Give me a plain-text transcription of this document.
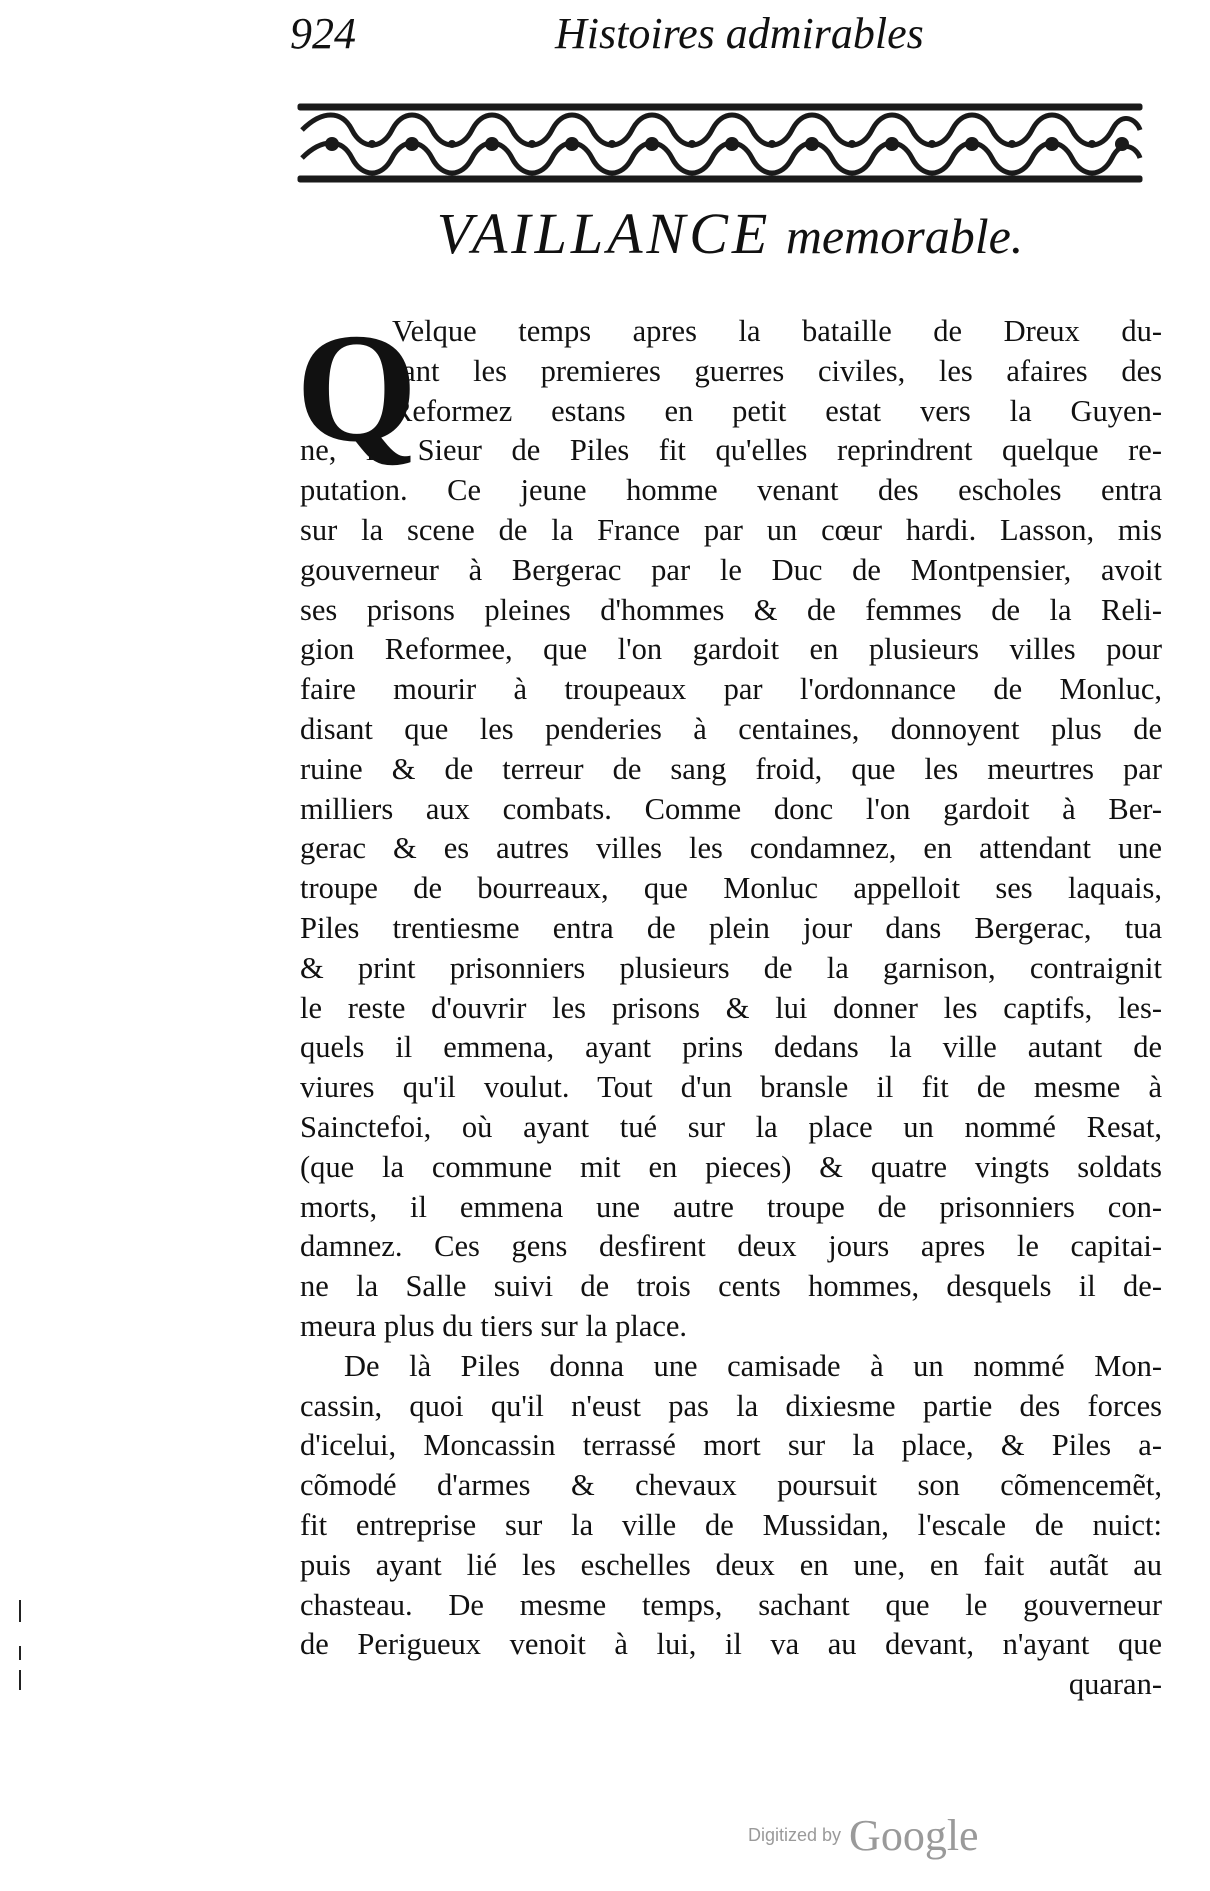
924	Histoires admirables
VAILLANCE memorable.
Q

Velque temps apres la bataille de Dreux du-

rant les premieres guerres civiles, les afaires des

Reformez estans en petit estat vers la Guyen-

ne, le Sieur de Piles fit qu'elles reprindrent quelque re-

putation. Ce jeune homme venant des escholes entra

sur la scene de la France par un cœur hardi. Lasson, mis

gouverneur à Bergerac par le Duc de Montpensier, avoit

ses prisons pleines d'hommes & de femmes de la Reli-

gion Reformee, que l'on gardoit en plusieurs villes pour

faire mourir à troupeaux par l'ordonnance de Monluc,

disant que les penderies à centaines, donnoyent plus de

ruine & de terreur de sang froid, que les meurtres par

milliers aux combats. Comme donc l'on gardoit à Ber-

gerac & es autres villes les condamnez, en attendant une

troupe de bourreaux, que Monluc appelloit ses laquais,

Piles trentiesme entra de plein jour dans Bergerac, tua

& print prisonniers plusieurs de la garnison, contraignit

le reste d'ouvrir les prisons & lui donner les captifs, les-

quels il emmena, ayant prins dedans la ville autant de

viures qu'il voulut. Tout d'un bransle il fit de mesme à

Sainctefoi, où ayant tué sur la place un nommé Resat,

(que la commune mit en pieces) & quatre vingts soldats

morts, il emmena une autre troupe de prisonniers con-

damnez. Ces gens desfirent deux jours apres le capitai-

ne la Salle suivi de trois cents hommes, desquels il de-

meura plus du tiers sur la place.

De là Piles donna une camisade à un nommé Mon-

cassin, quoi qu'il n'eust pas la dixiesme partie des forces

d'icelui, Moncassin terrassé mort sur la place, & Piles a-

cõmodé d'armes & chevaux poursuit son cõmencemẽt,

fit entreprise sur la ville de Mussidan, l'escale de nuict:

puis ayant lié les eschelles deux en une, en fait autãt au

chasteau. De mesme temps, sachant que le gouverneur

de Perigueux venoit à lui, il va au devant, n'ayant que

quaran-

Digitized by Google
